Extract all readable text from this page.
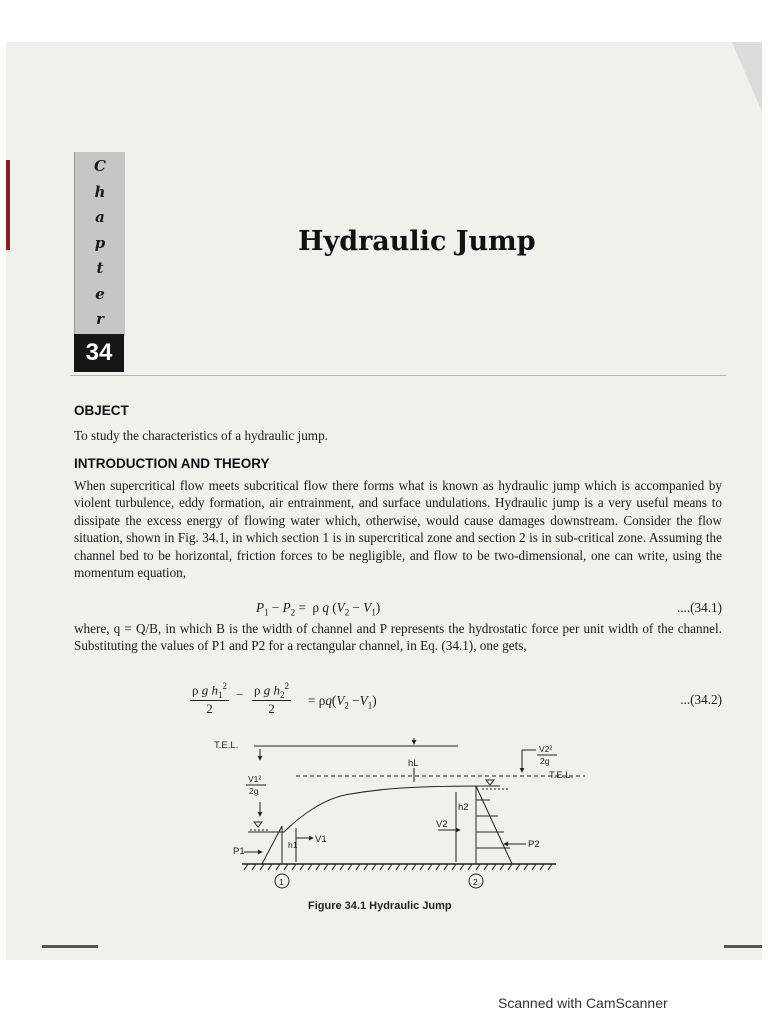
C
h
a
p
t
e
r
34
Hydraulic Jump
OBJECT
To study the characteristics of a hydraulic jump.
INTRODUCTION AND THEORY
When supercritical flow meets subcritical flow there forms what is known as hydraulic jump which is accompanied by violent turbulence, eddy formation, air entrainment, and surface undulations. Hydraulic jump is a very useful means to dissipate the excess energy of flowing water which, otherwise, would cause damages downstream. Consider the flow situation, shown in Fig. 34.1, in which section 1 is in supercritical zone and section 2 is in sub-critical zone. Assuming the channel bed to be horizontal, friction forces to be negligible, and flow to be two-dimensional, one can write, using the momentum equation,
$P_1 - P_2 = \rho$ q $(V_2 - V_1)$	....(34.1)
where, q = Q/B, in which B is the width of channel and P represents the hydrostatic force per unit width of the channel. Substituting the values of P1 and P2 for a rectangular channel, in Eq. (34.1), one gets,
$\frac{\rho g h_1^2}{2} - \frac{\rho g h_2^2}{2} = \rho q(V_2 -V_1)$	...(34.2)
T.E.L.
T.E.L.
hL
V1²
2g
V2²
2g
h1 V1
P1
h2
V2
P2
1	2
Figure 34.1 Hydraulic Jump
Scanned with CamScanner
